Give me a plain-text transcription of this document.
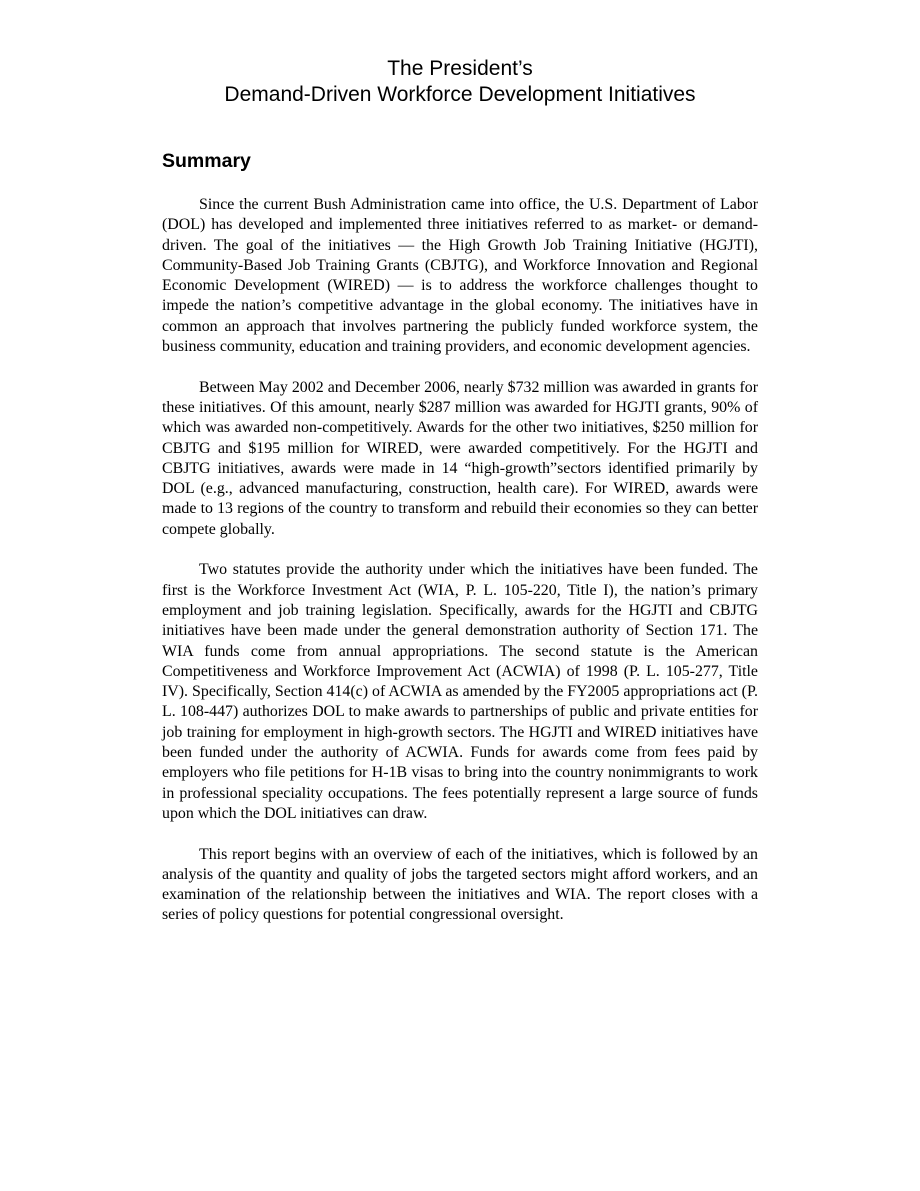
The President’s
Demand-Driven Workforce Development Initiatives
Summary

Since the current Bush Administration came into office, the U.S. Department of Labor (DOL) has developed and implemented three initiatives referred to as market- or demand-driven. The goal of the initiatives — the High Growth Job Training Initiative (HGJTI), Community-Based Job Training Grants (CBJTG), and Workforce Innovation and Regional Economic Development (WIRED) — is to address the workforce challenges thought to impede the nation’s competitive advantage in the global economy. The initiatives have in common an approach that involves partnering the publicly funded workforce system, the business community, education and training providers, and economic development agencies.

Between May 2002 and December 2006, nearly $732 million was awarded in grants for these initiatives. Of this amount, nearly $287 million was awarded for HGJTI grants, 90% of which was awarded non-competitively. Awards for the other two initiatives, $250 million for CBJTG and $195 million for WIRED, were awarded competitively. For the HGJTI and CBJTG initiatives, awards were made in 14 “high-growth”sectors identified primarily by DOL (e.g., advanced manufacturing, construction, health care). For WIRED, awards were made to 13 regions of the country to transform and rebuild their economies so they can better compete globally.

Two statutes provide the authority under which the initiatives have been funded. The first is the Workforce Investment Act (WIA, P. L. 105-220, Title I), the nation’s primary employment and job training legislation. Specifically, awards for the HGJTI and CBJTG initiatives have been made under the general demonstration authority of Section 171. The WIA funds come from annual appropriations. The second statute is the American Competitiveness and Workforce Improvement Act (ACWIA) of 1998 (P. L. 105-277, Title IV). Specifically, Section 414(c) of ACWIA as amended by the FY2005 appropriations act (P. L. 108-447) authorizes DOL to make awards to partnerships of public and private entities for job training for employment in high-growth sectors. The HGJTI and WIRED initiatives have been funded under the authority of ACWIA. Funds for awards come from fees paid by employers who file petitions for H-1B visas to bring into the country nonimmigrants to work in professional speciality occupations. The fees potentially represent a large source of funds upon which the DOL initiatives can draw.

This report begins with an overview of each of the initiatives, which is followed by an analysis of the quantity and quality of jobs the targeted sectors might afford workers, and an examination of the relationship between the initiatives and WIA. The report closes with a series of policy questions for potential congressional oversight.
